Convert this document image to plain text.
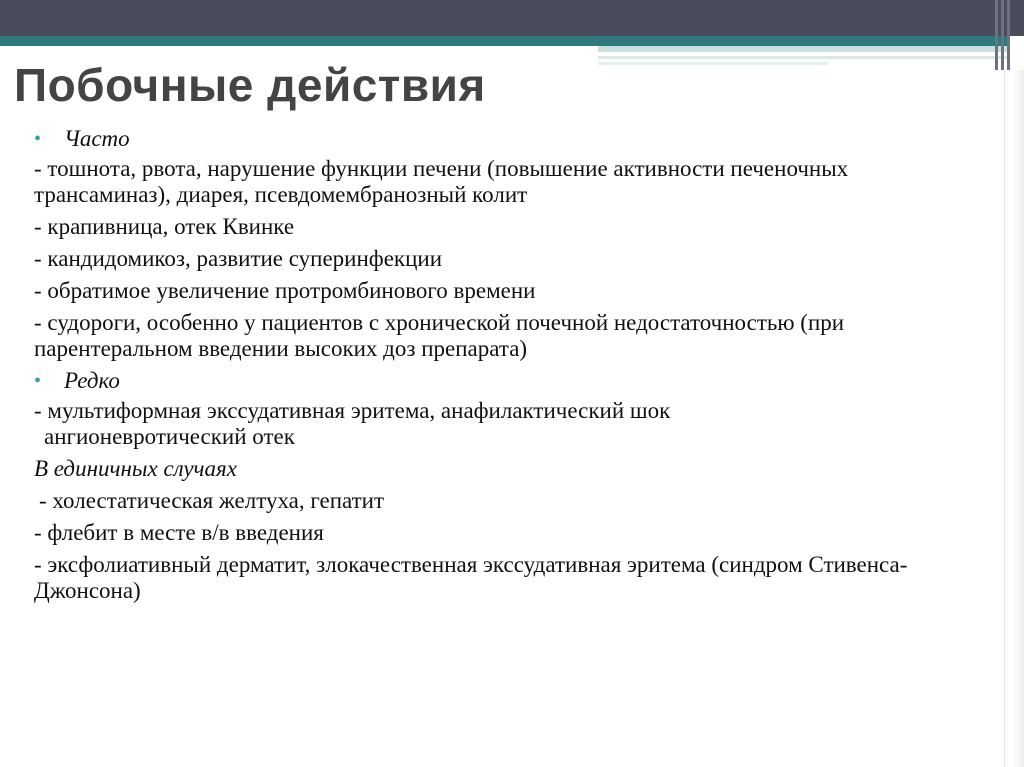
Побочные действия

• Часто

- тошнота, рвота, нарушение функции печени (повышение активности печеночных трансаминаз), диарея, псевдомембранозный колит

- крапивница, отек Квинке

- кандидомикоз, развитие суперинфекции

- обратимое увеличение протромбинового времени

- судороги, особенно у пациентов с хронической почечной недостаточностью (при парентеральном введении высоких доз препарата)

• Редко

- мультиформная экссудативная эритема, анафилактический шок

ангионевротический отек

В единичных случаях

- холестатическая желтуха, гепатит

- флебит в месте в/в введения

- эксфолиативный дерматит, злокачественная экссудативная эритема (синдром Стивенса-Джонсона)
